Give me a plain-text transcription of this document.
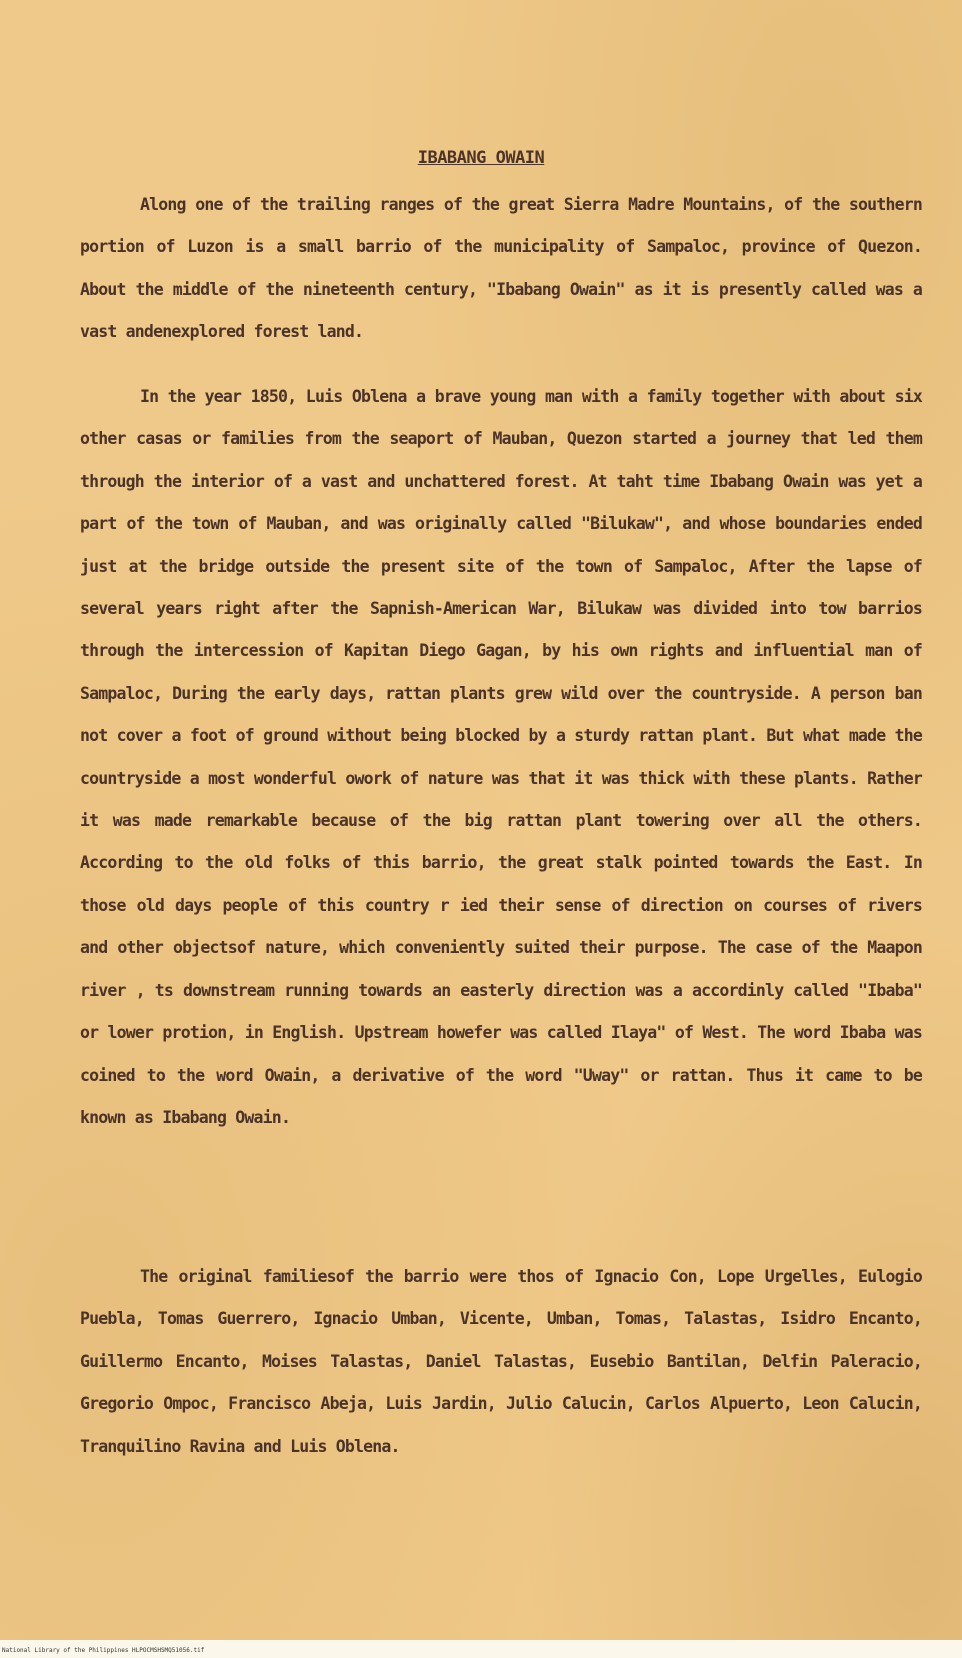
IBABANG OWAIN

Along one of the trailing ranges of the great Sierra Madre Mountains, of the southern portion of Luzon is a small barrio of the municipality of Sampaloc, province of Quezon. About the middle of the nineteenth century, "Ibabang Owain" as it is presently called was a vast andenexplored forest land.

In the year 1850, Luis Oblena a brave young man with a family together with about six other casas or families from the seaport of Mauban, Quezon started a journey that led them through the interior of a vast and unchattered forest. At taht time Ibabang Owain was yet a part of the town of Mauban, and was originally called "Bilukaw", and whose boundaries ended just at the bridge outside the present site of the town of Sampaloc, After the lapse of several years right after the Sapnish-American War, Bilukaw was divided into tow barrios through the intercession of Kapitan Diego Gagan, by his own rights and influential man of Sampaloc, During the early days, rattan plants grew wild over the countryside. A person ban not cover a foot of ground without being blocked by a sturdy rattan plant. But what made the countryside a most wonderful owork of nature was that it was thick with these plants. Rather it was made remarkable because of the big rattan plant towering over all the others. According to the old folks of this barrio, the great stalk pointed towards the East. In those old days people of this country r ied their sense of direction on courses of rivers and other objectsof nature, which conveniently suited their purpose. The case of the Maapon river , ts downstream running towards an easterly direction was a accordinly called "Ibaba" or lower protion, in English. Upstream howefer was called Ilaya" of West. The word Ibaba was coined to the word Owain, a derivative of the word "Uway" or rattan. Thus it came to be known as Ibabang Owain.

The original familiesof the barrio were thos of Ignacio Con, Lope Urgelles, Eulogio Puebla, Tomas Guerrero, Ignacio Umban, Vicente, Umban, Tomas, Talastas, Isidro Encanto, Guillermo Encanto, Moises Talastas, Daniel Talastas, Eusebio Bantilan, Delfin Paleracio, Gregorio Ompoc, Francisco Abeja, Luis Jardin, Julio Calucin, Carlos Alpuerto, Leon Calucin, Tranquilino Ravina and Luis Oblena.

National Library of the Philippines HLPOCMSHSMQ51056.tif
